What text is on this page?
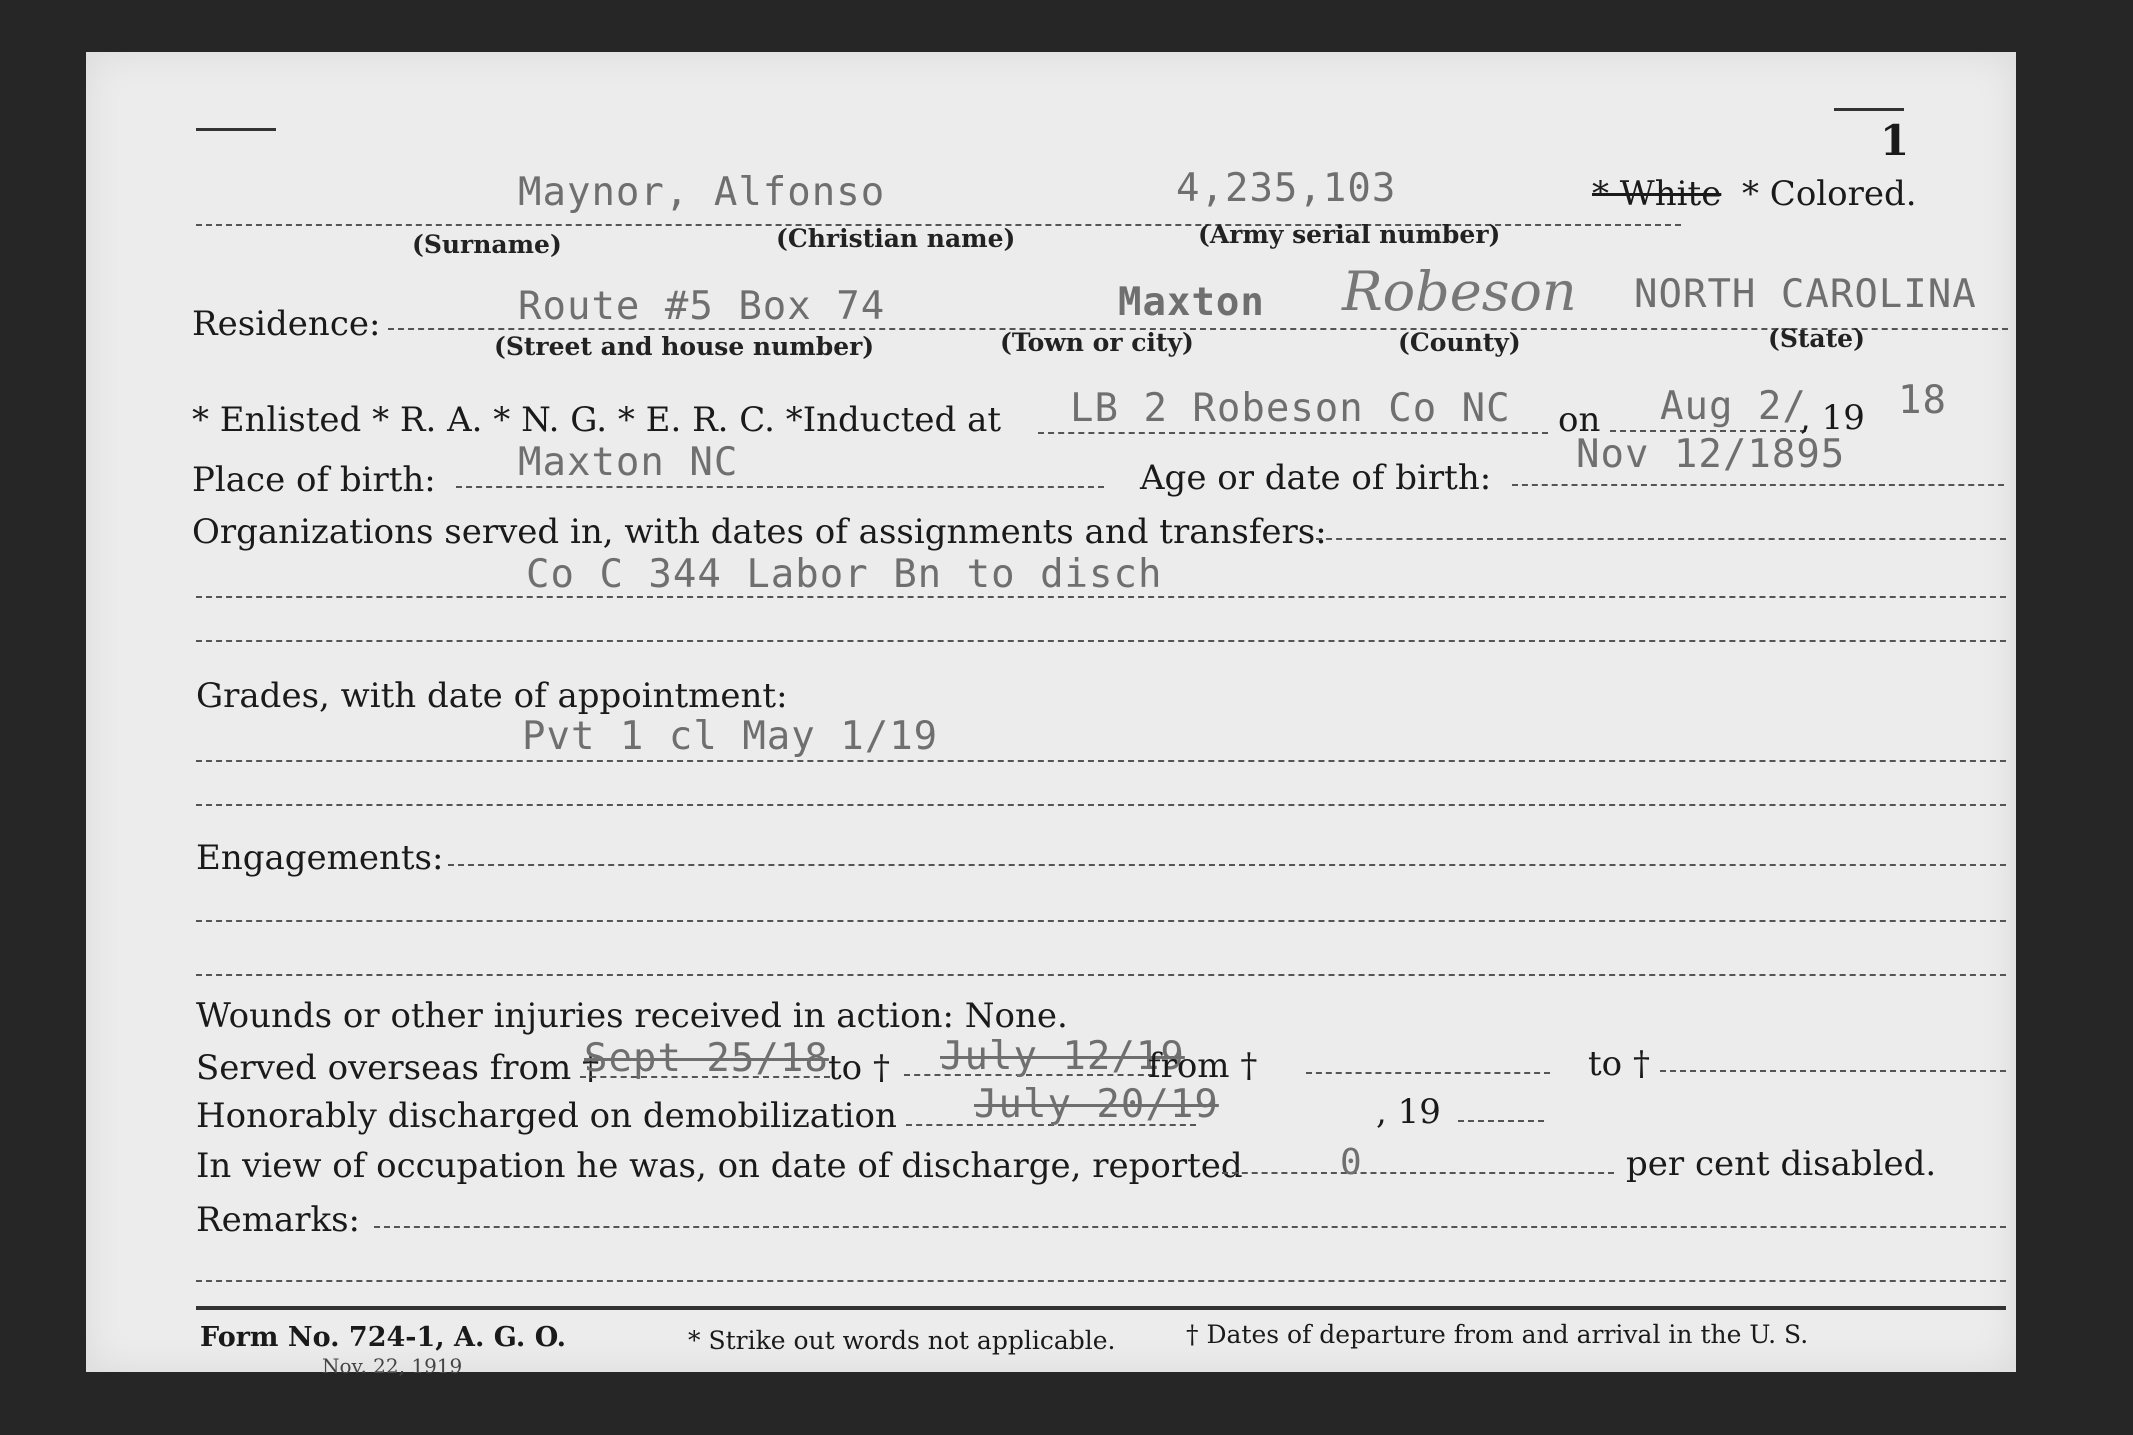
1
Maynor, Alfonso	4,235,103	* White * Colored.
(Surname)	(Christian name)	(Army serial number)
Residence:	Route #5 Box 74	Maxton Robeson NORTH CAROLINA
(Street and house number)	(Town or city)	(County)	(State)
* Enlisted * R. A. * N. G. * E. R. C. *Inducted at LB 2 Robeson Co NC on Aug 2/
, 19 18
Place of birth: Maxton NC	Age or date of birth:
Nov 12/1895
Organizations served in, with dates of assignments and transfers:
Co C 344 Labor Bn to disch
Grades, with date of appointment:
Pvt 1 cl May 1/19
Engagements:
Wounds or other injuries received in action: None.
Served overseas from †
Sept 25/18 to † July 12/19
from †	to †
Honorably discharged on demobilization July 20/19	, 19
In view of occupation he was, on date of discharge, reported	0	per cent disabled.
Remarks:
Form No. 724-1, A. G. O.
Nov. 22, 1919
* Strike out words not applicable.	† Dates of departure from and arrival in the U. S.
